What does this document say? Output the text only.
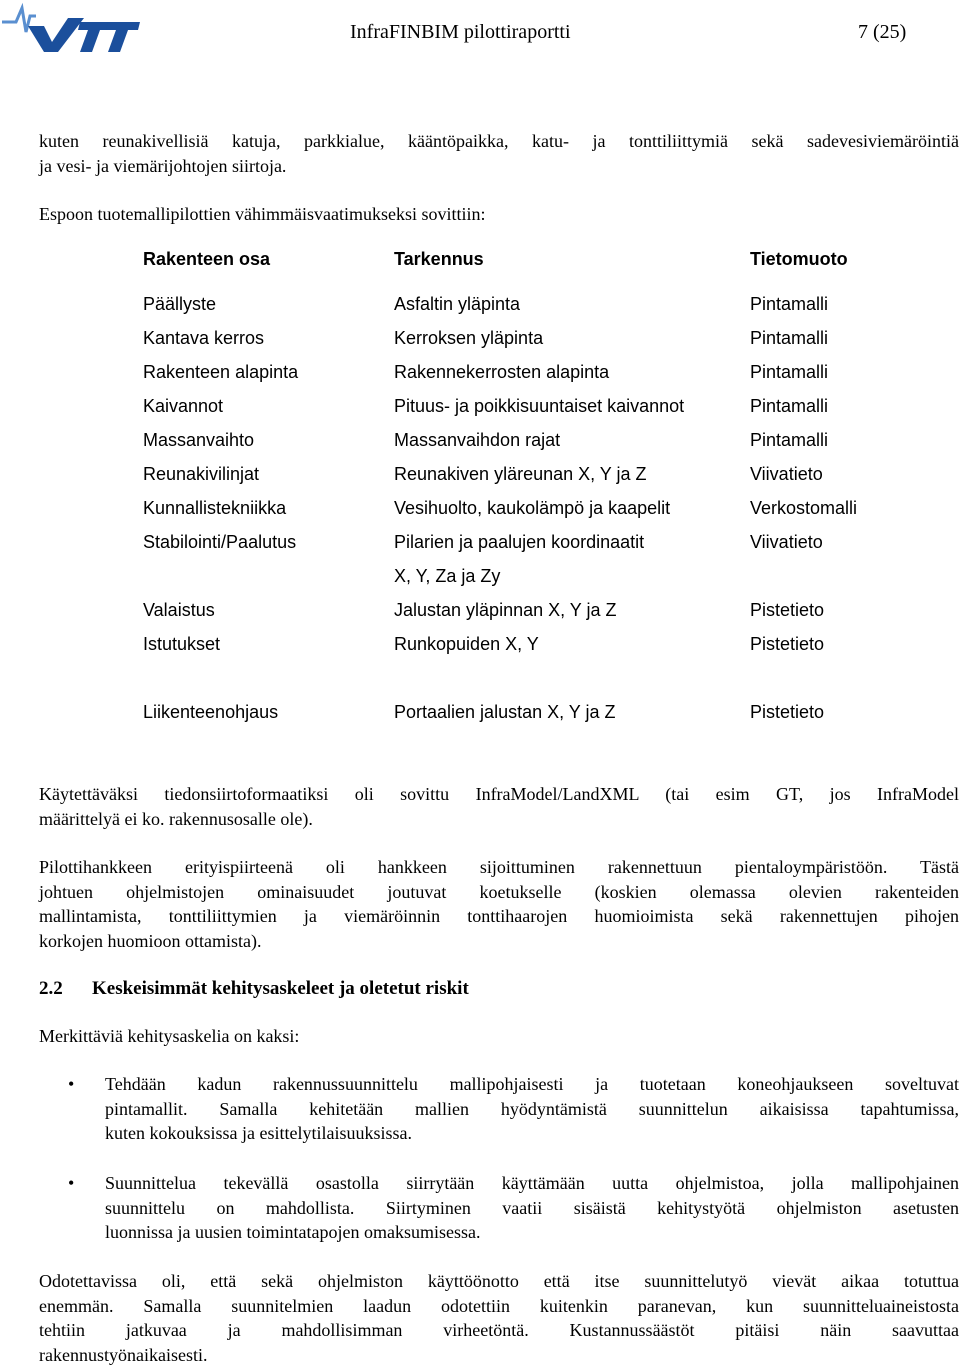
InfraFINBIM pilottiraportti	7 (25)
kuten reunakivellisiä katuja, parkkialue, kääntöpaikka, katu- ja tonttiliittymiä sekä sadevesiviemäröintiä

ja vesi- ja viemärijohtojen siirtoja.
Espoon tuotemallipilottien vähimmäisvaatimukseksi sovittiin:
Rakenteen osa	Tarkennus	Tietomuoto
Päällyste	Asfaltin yläpinta	Pintamalli
Kantava kerros	Kerroksen yläpinta	Pintamalli
Rakenteen alapinta	Rakennekerrosten alapinta	Pintamalli
Kaivannot	Pituus- ja poikkisuuntaiset kaivannot	Pintamalli
Massanvaihto	Massanvaihdon rajat	Pintamalli
Reunakivilinjat	Reunakiven yläreunan X, Y ja Z	Viivatieto
Kunnallistekniikka	Vesihuolto, kaukolämpö ja kaapelit	Verkostomalli
Stabilointi/Paalutus	Pilarien ja paalujen koordinaatit	Viivatieto
X, Y, Za ja Zy
Valaistus	Jalustan yläpinnan X, Y ja Z	Pistetieto
Istutukset	Runkopuiden X, Y	Pistetieto
Liikenteenohjaus	Portaalien jalustan X, Y ja Z	Pistetieto
Käytettäväksi tiedonsiirtoformaatiksi oli sovittu InfraModel/LandXML (tai esim GT, jos InfraModel

määrittelyä ei ko. rakennusosalle ole).
Pilottihankkeen erityispiirteenä oli hankkeen sijoittuminen rakennettuun pientaloympäristöön. Tästä
johtuen ohjelmistojen ominaisuudet joutuvat koetukselle (koskien olemassa olevien rakenteiden
mallintamista, tonttiliittymien ja viemäröinnin tonttihaarojen huomioimista sekä rakennettujen pihojen

korkojen huomioon ottamista).
2.2 Keskeisimmät kehitysaskeleet ja oletetut riskit
Merkittäviä kehitysaskelia on kaksi:
• Tehdään kadun rakennussuunnittelu mallipohjaisesti ja tuotetaan koneohjaukseen soveltuvat
pintamallit. Samalla kehitetään mallien hyödyntämistä suunnittelun aikaisissa tapahtumissa,
kuten kokouksissa ja esittelytilaisuuksissa.
• Suunnittelua tekevällä osastolla siirrytään käyttämään uutta ohjelmistoa, jolla mallipohjainen
suunnittelu on mahdollista. Siirtyminen vaatii sisäistä kehitystyötä ohjelmiston asetusten
luonnissa ja uusien toimintatapojen omaksumisessa.
Odotettavissa oli, että sekä ohjelmiston käyttöönotto että itse suunnittelutyö vievät aikaa totuttua
enemmän. Samalla suunnitelmien laadun odotettiin kuitenkin paranevan, kun suunnitteluaineistosta
tehtiin jatkuvaa ja mahdollisimman virheetöntä. Kustannussäästöt pitäisi näin saavuttaa

rakennustyönaikaisesti.
